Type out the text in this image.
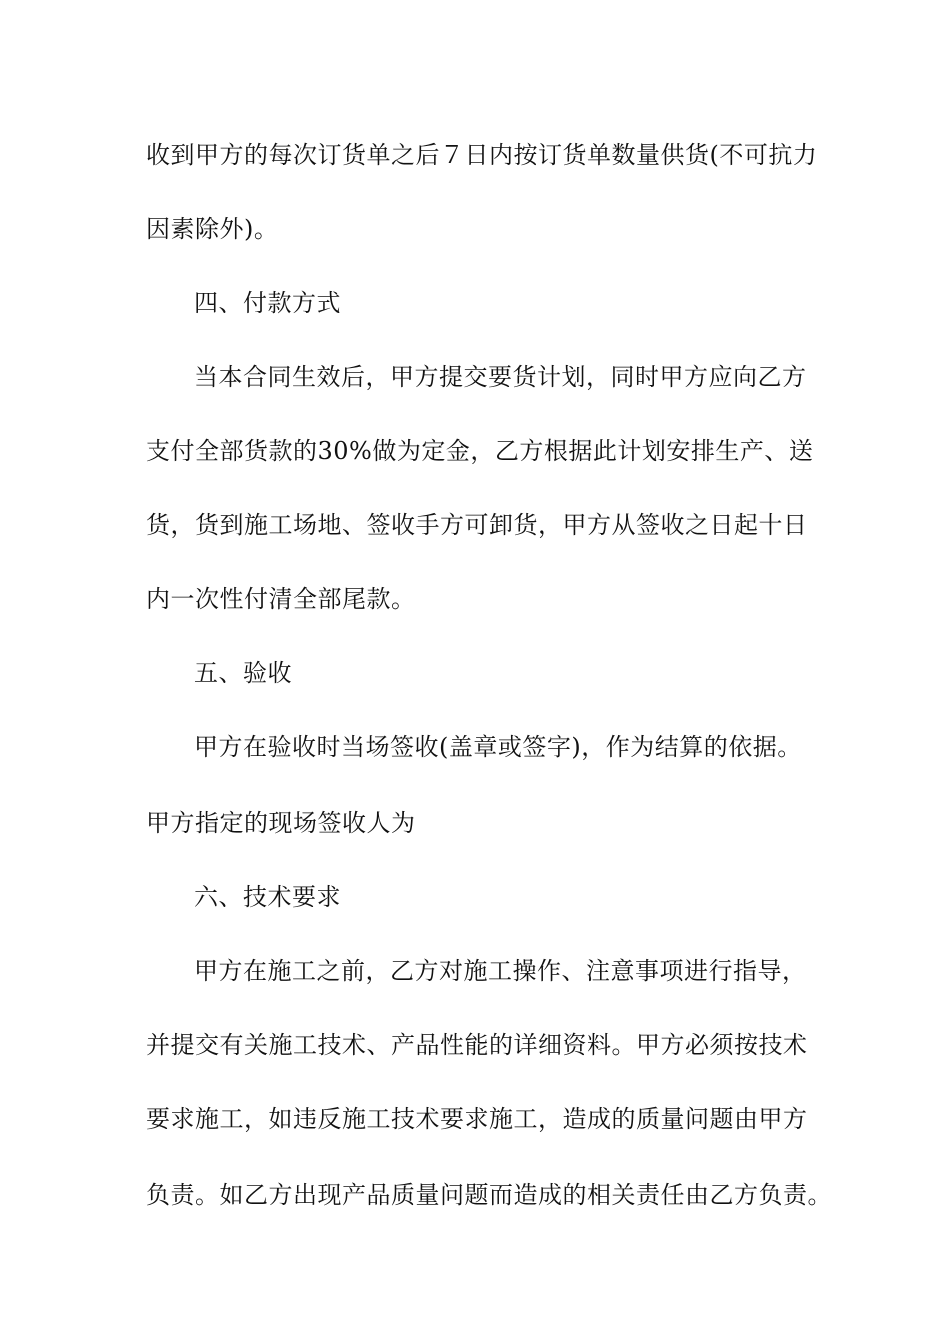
收到甲方的每次订货单之后７日内按订货单数量供货(不可抗力
因素除外)。
四、付款方式
当本合同生效后，甲方提交要货计划，同时甲方应向乙方
支付全部货款的30%做为定金，乙方根据此计划安排生产、送
货，货到施工场地、签收手方可卸货，甲方从签收之日起十日
内一次性付清全部尾款。
五、验收
甲方在验收时当场签收(盖章或签字)，作为结算的依据。
甲方指定的现场签收人为
六、技术要求
甲方在施工之前，乙方对施工操作、注意事项进行指导，
并提交有关施工技术、产品性能的详细资料。甲方必须按技术
要求施工，如违反施工技术要求施工，造成的质量问题由甲方
负责。如乙方出现产品质量问题而造成的相关责任由乙方负责。
